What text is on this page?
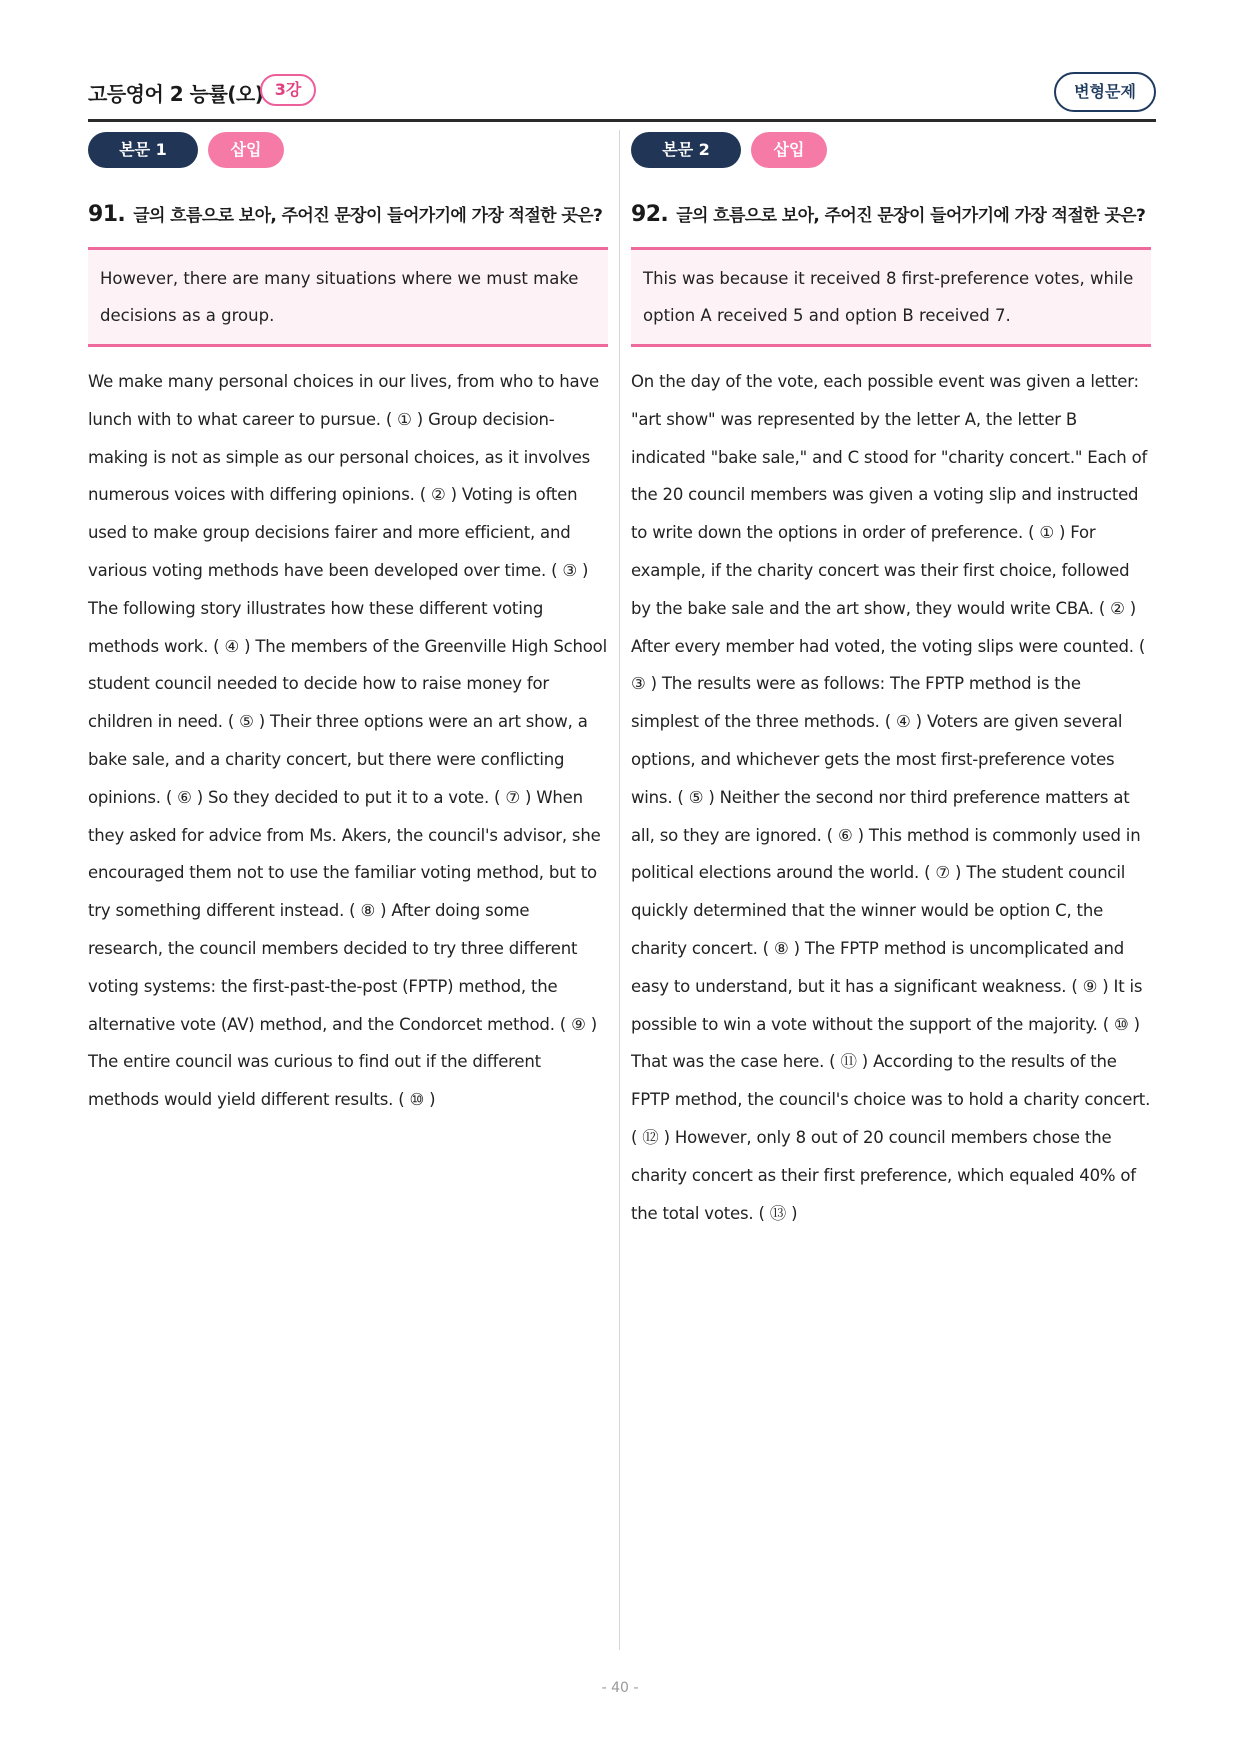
고등영어 2 능률(오) 3강	변형문제
본문 1	삽입
91. 글의 흐름으로 보아, 주어진 문장이 들어가기에 가장 적절한 곳은?
However, there are many situations where we must make decisions as a group.
We make many personal choices in our lives, from who to have lunch with to what career to pursue. ( ① ) Group decision-making is not as simple as our personal choices, as it involves numerous voices with differing opinions. ( ② ) Voting is often used to make group decisions fairer and more efficient, and various voting methods have been developed over time. ( ③ ) The following story illustrates how these different voting methods work. ( ④ ) The members of the Greenville High School student council needed to decide how to raise money for children in need. ( ⑤ ) Their three options were an art show, a bake sale, and a charity concert, but there were conflicting opinions. ( ⑥ ) So they decided to put it to a vote. ( ⑦ ) When they asked for advice from Ms. Akers, the council's advisor, she encouraged them not to use the familiar voting method, but to try something different instead. ( ⑧ ) After doing some research, the council members decided to try three different voting systems: the first-past-the-post (FPTP) method, the alternative vote (AV) method, and the Condorcet method. ( ⑨ ) The entire council was curious to find out if the different methods would yield different results. ( ⑩ )
본문 2	삽입
92. 글의 흐름으로 보아, 주어진 문장이 들어가기에 가장 적절한 곳은?
This was because it received 8 first-preference votes, while option A received 5 and option B received 7.
On the day of the vote, each possible event was given a letter: "art show" was represented by the letter A, the letter B indicated "bake sale," and C stood for "charity concert." Each of the 20 council members was given a voting slip and instructed to write down the options in order of preference. ( ① ) For example, if the charity concert was their first choice, followed by the bake sale and the art show, they would write CBA. ( ② ) After every member had voted, the voting slips were counted. ( ③ ) The results were as follows: The FPTP method is the simplest of the three methods. ( ④ ) Voters are given several options, and whichever gets the most first-preference votes wins. ( ⑤ ) Neither the second nor third preference matters at all, so they are ignored. ( ⑥ ) This method is commonly used in political elections around the world. ( ⑦ ) The student council quickly determined that the winner would be option C, the charity concert. ( ⑧ ) The FPTP method is uncomplicated and easy to understand, but it has a significant weakness. ( ⑨ ) It is possible to win a vote without the support of the majority. ( ⑩ ) That was the case here. ( ⑪ ) According to the results of the FPTP method, the council's choice was to hold a charity concert. ( ⑫ ) However, only 8 out of 20 council members chose the charity concert as their first preference, which equaled 40% of the total votes. ( ⑬ )
- 40 -
